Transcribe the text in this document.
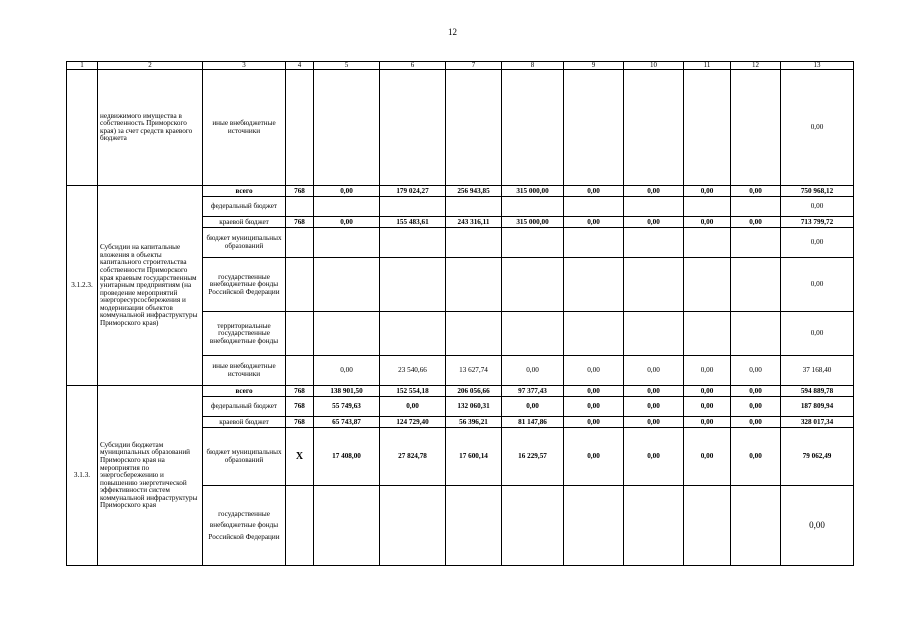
12
1	2	3	4	5	6	7	8	9	10	11	12	13
	недвижимого имущества в собственность Приморского края) за счет средств краевого бюджета	иные внебюджетные источники										0,00
3.1.2.3.	Субсидии на капитальные вложения в объекты капитального строительства собственности Приморского края краевым государственным унитарным предприятиям (на проведение мероприятий энергоресурсосбережения и модернизации объектов коммунальной инфраструктуры Приморского края)	всего	768	0,00	179 024,27	256 943,85	315 000,00	0,00	0,00	0,00	0,00	750 968,12
		федеральный бюджет										0,00
		краевой бюджет	768	0,00	155 483,61	243 316,11	315 000,00	0,00	0,00	0,00	0,00	713 799,72
		бюджет муниципальных образований										0,00
		государственные внебюджетные фонды Российской Федерации										0,00
		территориальные государственные внебюджетные фонды										0,00
		иные внебюджетные источники		0,00	23 540,66	13 627,74	0,00	0,00	0,00	0,00	0,00	37 168,40
3.1.3.	Субсидии бюджетам муниципальных образований Приморского края на мероприятия по энергосбережению и повышению энергетической эффективности систем коммунальной инфраструктуры Приморского края	всего	768	138 901,50	152 554,18	206 056,66	97 377,43	0,00	0,00	0,00	0,00	594 889,78
		федеральный бюджет	768	55 749,63	0,00	132 060,31	0,00	0,00	0,00	0,00	0,00	187 809,94
		краевой бюджет	768	65 743,87	124 729,40	56 396,21	81 147,86	0,00	0,00	0,00	0,00	328 017,34
		бюджет муниципальных образований	X	17 408,00	27 824,78	17 600,14	16 229,57	0,00	0,00	0,00	0,00	79 062,49
		государственные внебюджетные фонды Российской Федерации										0,00
